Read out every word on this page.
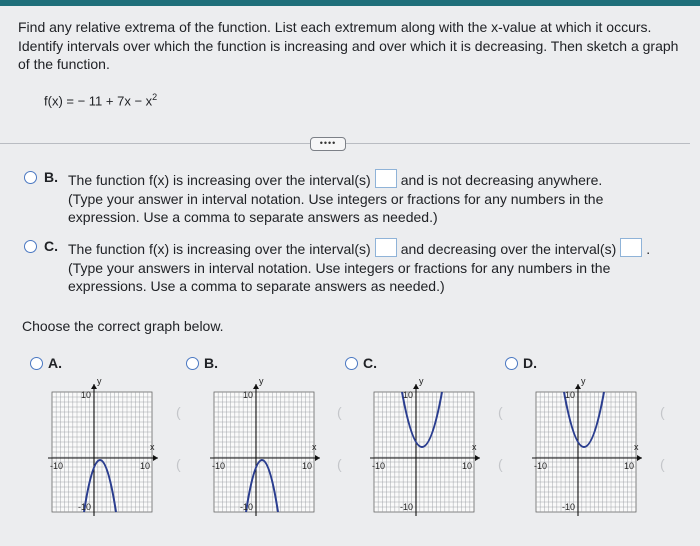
Find any relative extrema of the function. List each extremum along with the x-value at which it occurs. Identify intervals over which the function is increasing and over which it is decreasing. Then sketch a graph of the function.
f(x) = − $11 + 7x - x^2$
••••
B. The function f(x) is increasing over the interval(s) and is not decreasing anywhere.
(Type your answer in interval notation. Use integers or fractions for any numbers in the expression. Use a comma to separate answers as needed.)
C. The function f(x) is increasing over the interval(s) and decreasing over the interval(s) .
(Type your answers in interval notation. Use integers or fractions for any numbers in the expressions. Use a comma to separate answers as needed.)
Choose the correct graph below.
A.	B.	C.	D.
10
y
x
-10	10
-10
10
y
x
-10	10
-10
10
y
x
-10	10
-10
10
y
x
-10	10
-10
(
(
(
(
(
(
(
(
